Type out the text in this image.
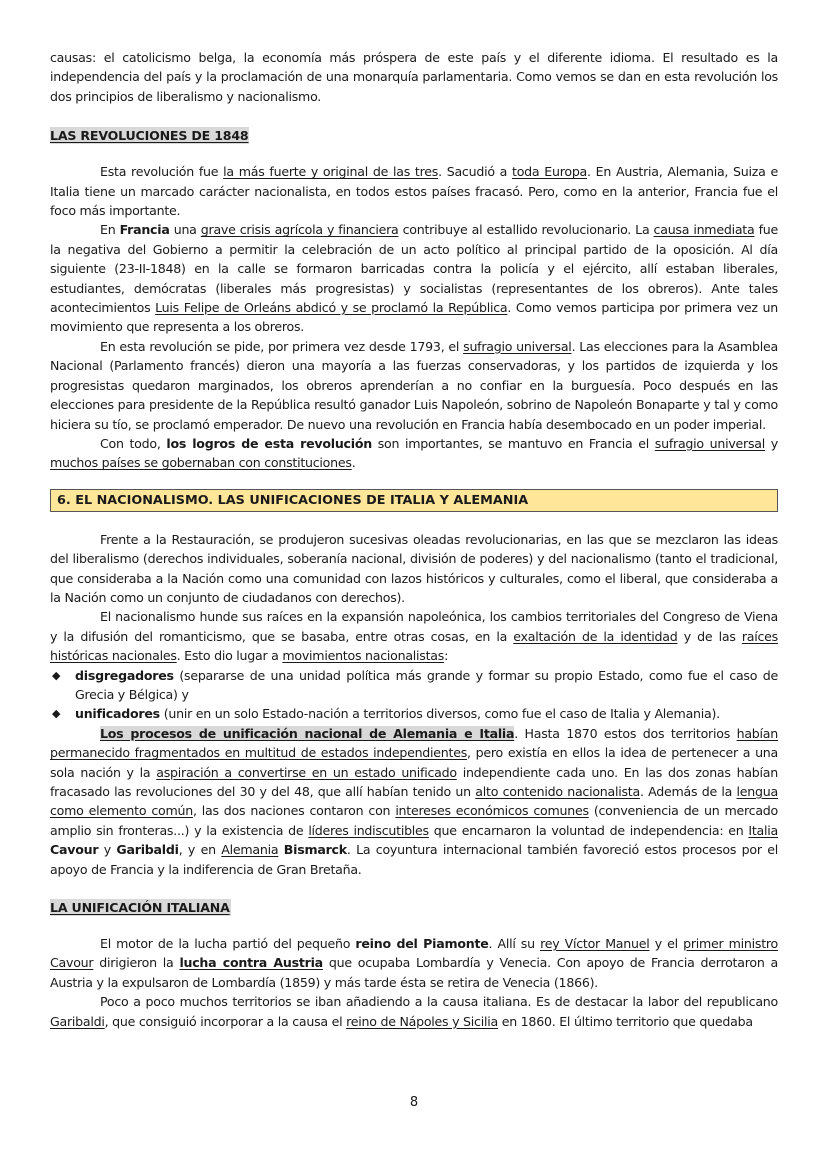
causas: el catolicismo belga, la economía más próspera de este país y el diferente idioma. El resultado es la independencia del país y la proclamación de una monarquía parlamentaria. Como vemos se dan en esta revolución los dos principios de liberalismo y nacionalismo.

LAS REVOLUCIONES DE 1848

Esta revolución fue la más fuerte y original de las tres. Sacudió a toda Europa. En Austria, Alemania, Suiza e Italia tiene un marcado carácter nacionalista, en todos estos países fracasó. Pero, como en la anterior, Francia fue el foco más importante.

En Francia una grave crisis agrícola y financiera contribuye al estallido revolucionario. La causa inmediata fue la negativa del Gobierno a permitir la celebración de un acto político al principal partido de la oposición. Al día siguiente (23-II-1848) en la calle se formaron barricadas contra la policía y el ejército, allí estaban liberales, estudiantes, demócratas (liberales más progresistas) y socialistas (representantes de los obreros). Ante tales acontecimientos Luis Felipe de Orleáns abdicó y se proclamó la República. Como vemos participa por primera vez un movimiento que representa a los obreros.

En esta revolución se pide, por primera vez desde 1793, el sufragio universal. Las elecciones para la Asamblea Nacional (Parlamento francés) dieron una mayoría a las fuerzas conservadoras, y los partidos de izquierda y los progresistas quedaron marginados, los obreros aprenderían a no confiar en la burguesía. Poco después en las elecciones para presidente de la República resultó ganador Luis Napoleón, sobrino de Napoleón Bonaparte y tal y como hiciera su tío, se proclamó emperador. De nuevo una revolución en Francia había desembocado en un poder imperial.

Con todo, los logros de esta revolución son importantes, se mantuvo en Francia el sufragio universal y muchos países se gobernaban con constituciones.

6. EL NACIONALISMO. LAS UNIFICACIONES DE ITALIA Y ALEMANIA

Frente a la Restauración, se produjeron sucesivas oleadas revolucionarias, en las que se mezclaron las ideas del liberalismo (derechos individuales, soberanía nacional, división de poderes) y del nacionalismo (tanto el tradicional, que consideraba a la Nación como una comunidad con lazos históricos y culturales, como el liberal, que consideraba a la Nación como un conjunto de ciudadanos con derechos).

El nacionalismo hunde sus raíces en la expansión napoleónica, los cambios territoriales del Congreso de Viena y la difusión del romanticismo, que se basaba, entre otras cosas, en la exaltación de la identidad y de las raíces históricas nacionales. Esto dio lugar a movimientos nacionalistas:

◆ disgregadores (separarse de una unidad política más grande y formar su propio Estado, como fue el caso de Grecia y Bélgica) y
◆ unificadores (unir en un solo Estado-nación a territorios diversos, como fue el caso de Italia y Alemania).

Los procesos de unificación nacional de Alemania e Italia. Hasta 1870 estos dos territorios habían permanecido fragmentados en multitud de estados independientes, pero existía en ellos la idea de pertenecer a una sola nación y la aspiración a convertirse en un estado unificado independiente cada uno. En las dos zonas habían fracasado las revoluciones del 30 y del 48, que allí habían tenido un alto contenido nacionalista. Además de la lengua como elemento común, las dos naciones contaron con intereses económicos comunes (conveniencia de un mercado amplio sin fronteras...) y la existencia de líderes indiscutibles que encarnaron la voluntad de independencia: en Italia Cavour y Garibaldi, y en Alemania Bismarck. La coyuntura internacional también favoreció estos procesos por el apoyo de Francia y la indiferencia de Gran Bretaña.

LA UNIFICACIÓN ITALIANA

El motor de la lucha partió del pequeño reino del Piamonte. Allí su rey Víctor Manuel y el primer ministro Cavour dirigieron la lucha contra Austria que ocupaba Lombardía y Venecia. Con apoyo de Francia derrotaron a Austria y la expulsaron de Lombardía (1859) y más tarde ésta se retira de Venecia (1866).

Poco a poco muchos territorios se iban añadiendo a la causa italiana. Es de destacar la labor del republicano Garibaldi, que consiguió incorporar a la causa el reino de Nápoles y Sicilia en 1860. El último territorio que quedaba

8
